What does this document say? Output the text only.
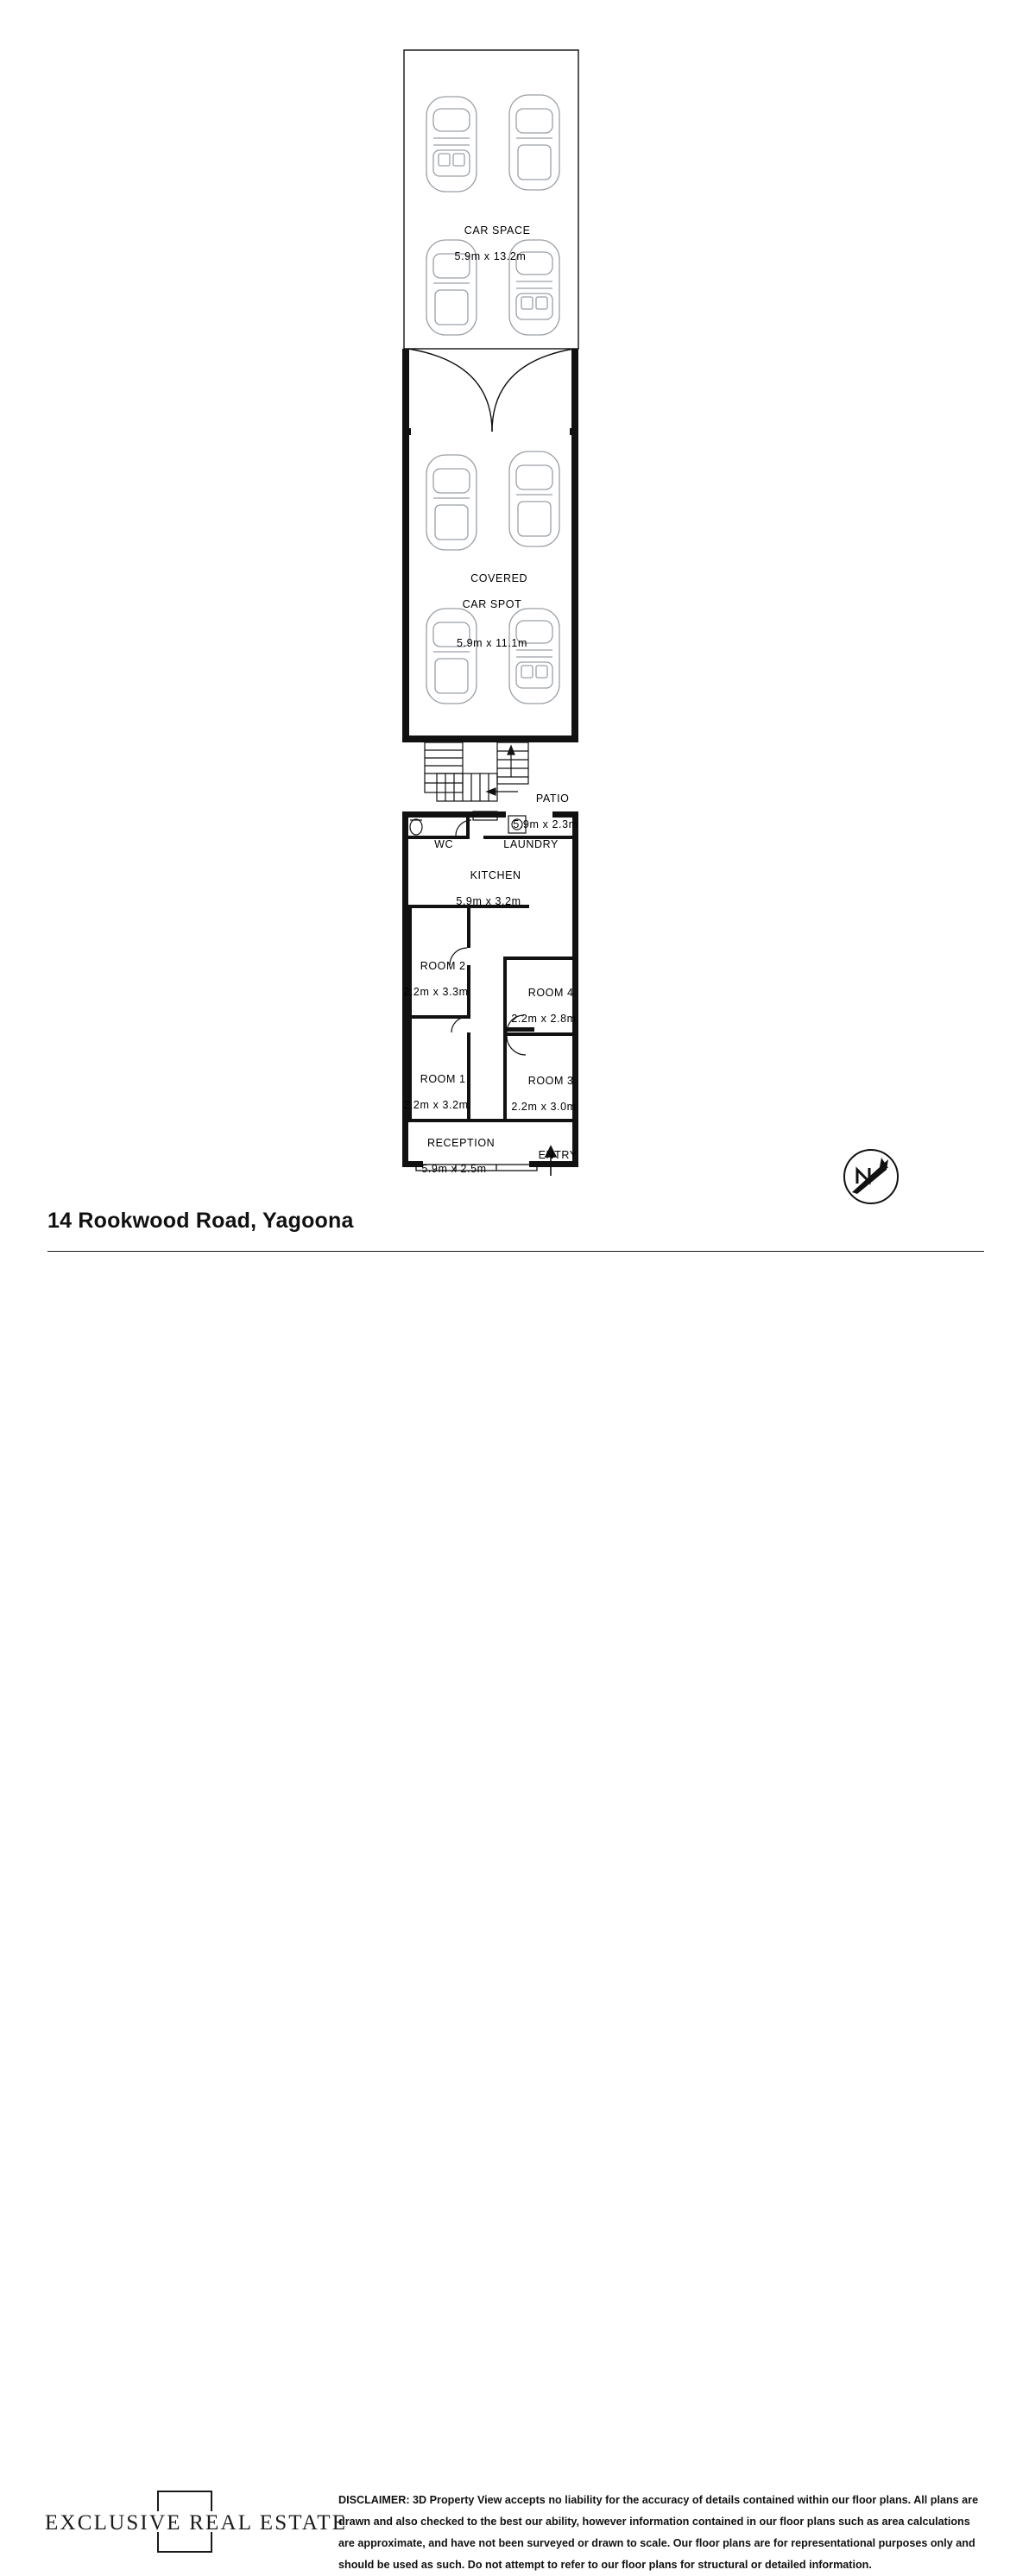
CAR SPACE

5.9m x 13.2m

COVERED

CAR SPOT

5.9m x 11.1m

PATIO

5.9m x 2.3m

WC
	LAUNDRY

KITCHEN

5.9m x 3.2m

ROOM 2

2.2m x 3.3m

	ROOM 4

2.2m x 2.8m

ROOM 1

2.2m x 3.2m

ROOM 3

2.2m x 3.0m

RECEPTION

5.9m x 2.5m

ENTRY

14 Rookwood Road, Yagoona
EXCLUSIVE REAL ESTATE
DISCLAIMER: 3D Property View accepts no liability for the accuracy of details contained within our floor plans. All plans are drawn and also checked to the best our ability, however information contained in our floor plans such as area calculations are approximate, and have not been surveyed or drawn to scale. Our floor plans are for representational purposes only and should be used as such. Do not attempt to refer to our floor plans for structural or detailed information.
